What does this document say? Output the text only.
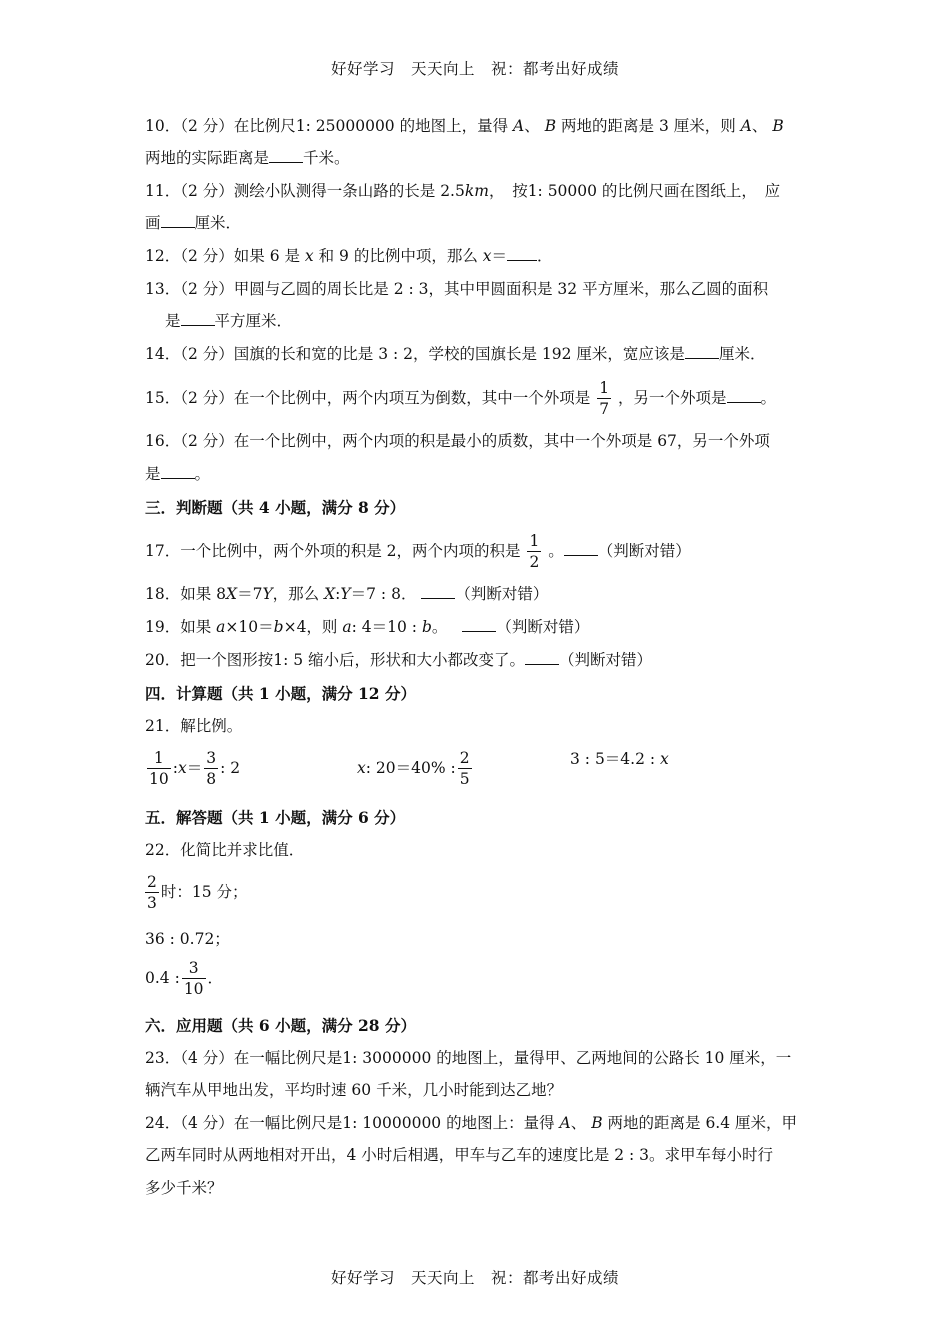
好好学习　天天向上　祝：都考出好成绩
10．（2 分）在比例尺1: 25000000 的地图上，量得 A、 B 两地的距离是 3 厘米，则 A、 B
两地的实际距离是 千米。
11．（2 分）测绘小队测得一条山路的长是 2.5km，　按1: 50000 的比例尺画在图纸上，　应
画 厘米．
12．（2 分）如果 6 是 x 和 9 的比例中项，那么 x＝ ．
13．（2 分）甲圆与乙圆的周长比是 2 : 3，其中甲圆面积是 32 平方厘米，那么乙圆的面积
是 平方厘米．
14．（2 分）国旗的长和宽的比是 3 : 2，学校的国旗长是 192 厘米，宽应该是 厘米．
15．（2 分）在一个比例中，两个内项互为倒数，其中一个外项是 $\frac{1}{7}$ ，另一个外项是 。
16．（2 分）在一个比例中，两个内项的积是最小的质数，其中一个外项是 67，另一个外项
是 。
三．判断题（共 4 小题，满分 8 分）
17．一个比例中，两个外项的积是 2，两个内项的积是 $\frac{1}{2}$ 。 （判断对错）
18．如果 8X＝7Y，那么 X:Y＝7 : 8．	（判断对错）
19．如果 a×10＝b×4，则 a: 4＝10 : b。	（判断对错）
20．把一个图形按1: 5 缩小后，形状和大小都改变了。 （判断对错）
四．计算题（共 1 小题，满分 12 分）
21．解比例。
$\frac{1}{10}$ :x＝ $\frac{3}{8}$ : 2	x: 20＝40% : $\frac{2}{5}$	3 : 5＝4.2 : x
五．解答题（共 1 小题，满分 6 分）
22．化简比并求比值．
$\frac{2}{3}$ 时：15 分；
36 : 0.72；
0.4 : $\frac{3}{10}$ ．
六．应用题（共 6 小题，满分 28 分）
23．（4 分）在一幅比例尺是1: 3000000 的地图上，量得甲、乙两地间的公路长 10 厘米，一
辆汽车从甲地出发，平均时速 60 千米，几小时能到达乙地？
24．（4 分）在一幅比例尺是1: 10000000 的地图上：量得 A、 B 两地的距离是 6.4 厘米，甲
乙两车同时从两地相对开出，4 小时后相遇，甲车与乙车的速度比是 2 : 3。求甲车每小时行
多少千米？
好好学习　天天向上　祝：都考出好成绩
